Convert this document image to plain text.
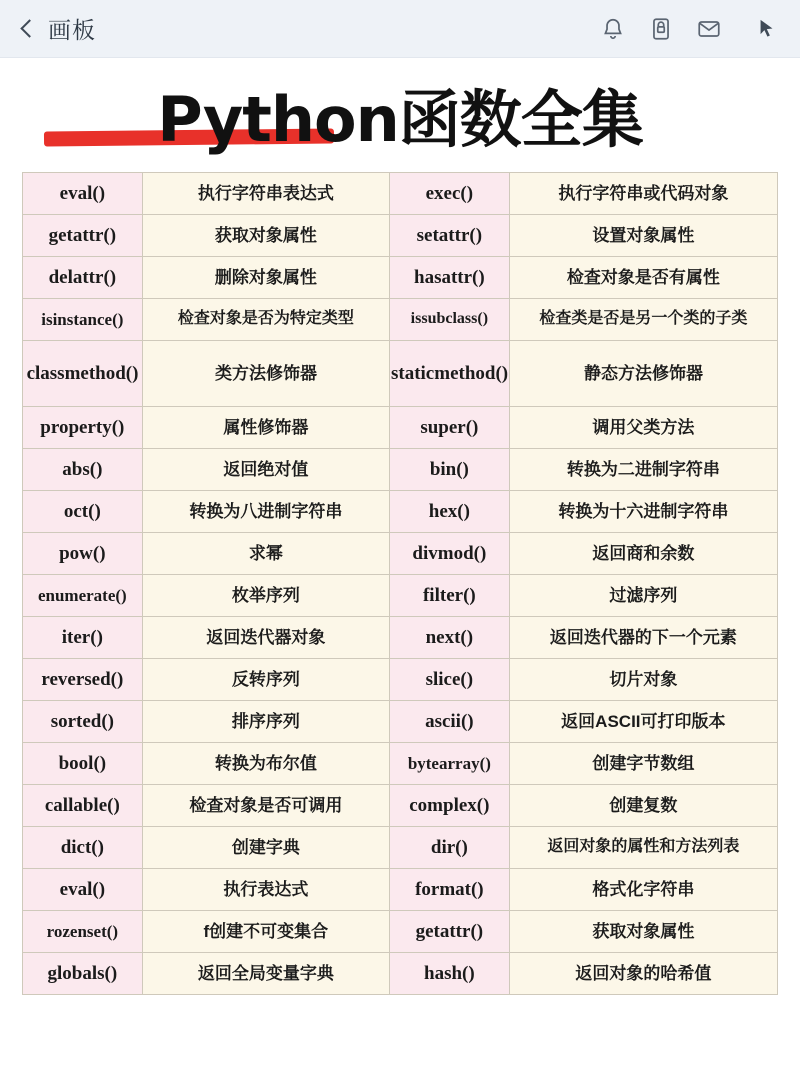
画板
Python函数全集
eval()	执行字符串表达式	exec()	执行字符串或代码对象
getattr()	获取对象属性	setattr()	设置对象属性
delattr()	删除对象属性	hasattr()	检查对象是否有属性
isinstance()	检查对象是否为特定类型	issubclass()	检查类是否是另一个类的子类
classmethod()	类方法修饰器	staticmethod()	静态方法修饰器
property()	属性修饰器	super()	调用父类方法
abs()	返回绝对值	bin()	转换为二进制字符串
oct()	转换为八进制字符串	hex()	转换为十六进制字符串
pow()	求幂	divmod()	返回商和余数
enumerate()	枚举序列	filter()	过滤序列
iter()	返回迭代器对象	next()	返回迭代器的下一个元素
reversed()	反转序列	slice()	切片对象
sorted()	排序序列	ascii()	返回ASCII可打印版本
bool()	转换为布尔值	bytearray()	创建字节数组
callable()	检查对象是否可调用	complex()	创建复数
dict()	创建字典	dir()	返回对象的属性和方法列表
eval()	执行表达式	format()	格式化字符串
rozenset()	f创建不可变集合	getattr()	获取对象属性
globals()	返回全局变量字典	hash()	返回对象的哈希值
